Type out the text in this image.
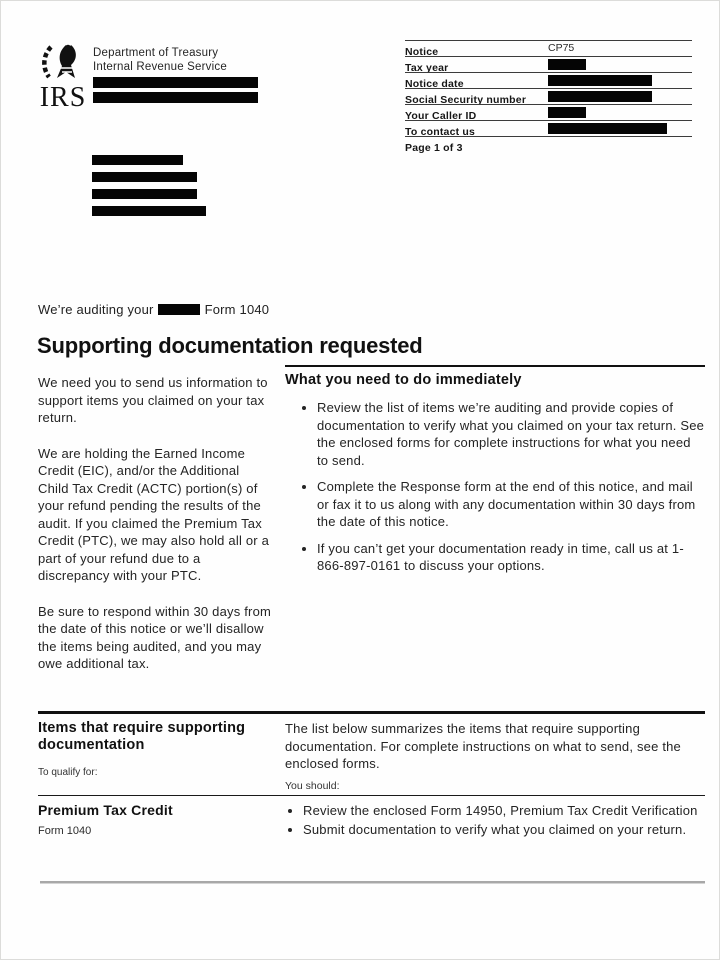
IRS
Department of Treasury
Internal Revenue Service
Notice	CP75
Tax year
Notice date
Social Security number
Your Caller ID
To contact us
Page 1 of 3
We’re auditing your	Form 1040
Supporting documentation requested

We need you to send us information to support items you claimed on your tax return.

We are holding the Earned Income Credit (EIC), and/or the Additional Child Tax Credit (ACTC) portion(s) of your refund pending the results of the audit. If you claimed the Premium Tax Credit (PTC), we may also hold all or a part of your refund due to a discrepancy with your PTC.

Be sure to respond within 30 days from the date of this notice or we’ll disallow the items being audited, and you may owe additional tax.

What you need to do immediately
• Review the list of items we’re auditing and provide copies of documentation to verify what you claimed on your tax return. See the enclosed forms for complete instructions for what you need to send.
• Complete the Response form at the end of this notice, and mail or fax it to us along with any documentation within 30 days from the date of this notice.
• If you can’t get your documentation ready in time, call us at 1-866-897-0161 to discuss your options.
Items that require supporting documentation
To qualify for:

The list below summarizes the items that require supporting documentation. For complete instructions on what to send, see the enclosed forms.

You should:
Premium Tax Credit
Form 1040
• Review the enclosed Form 14950, Premium Tax Credit Verification
• Submit documentation to verify what you claimed on your return.
